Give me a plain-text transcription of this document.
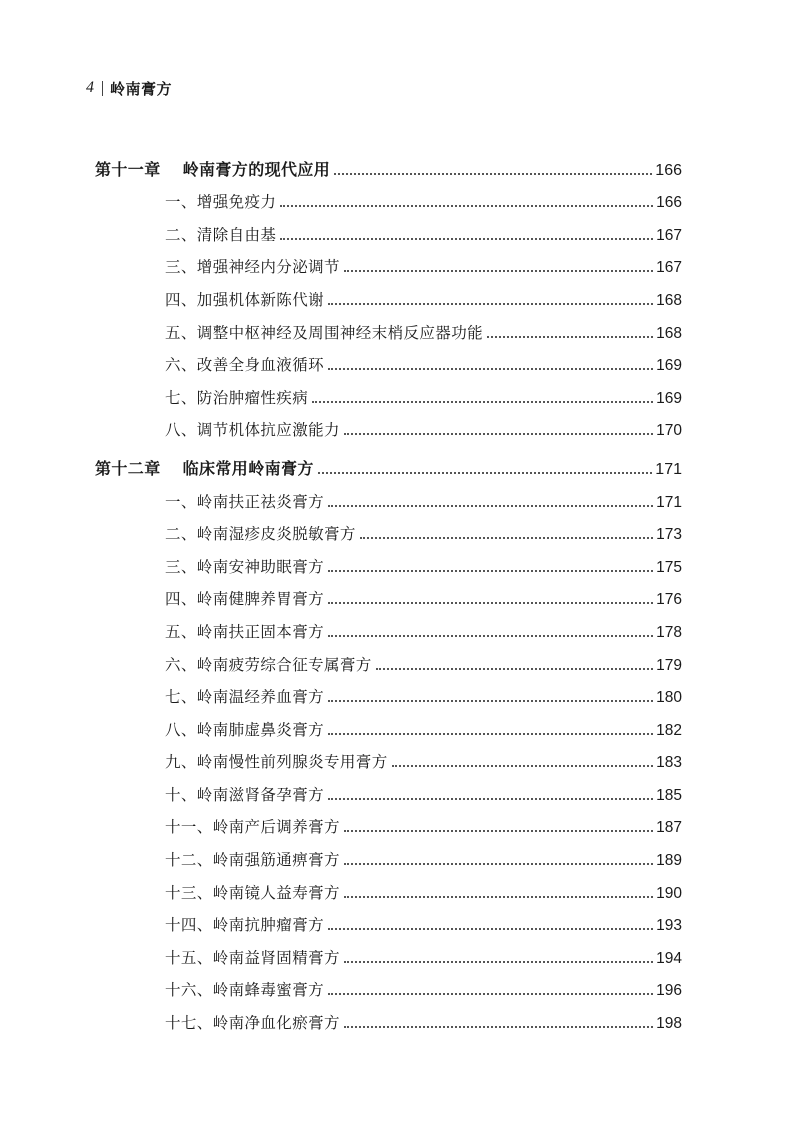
4 岭南膏方
第十一章 岭南膏方的现代应用	166
一、增强免疫力	166
二、清除自由基	167
三、增强神经内分泌调节	167
四、加强机体新陈代谢	168
五、调整中枢神经及周围神经末梢反应器功能	168
六、改善全身血液循环	169
七、防治肿瘤性疾病	169
八、调节机体抗应激能力	170
第十二章 临床常用岭南膏方	171
一、岭南扶正祛炎膏方	171
二、岭南湿疹皮炎脱敏膏方	173
三、岭南安神助眠膏方	175
四、岭南健脾养胃膏方	176
五、岭南扶正固本膏方	178
六、岭南疲劳综合征专属膏方	179
七、岭南温经养血膏方	180
八、岭南肺虚鼻炎膏方	182
九、岭南慢性前列腺炎专用膏方	183
十、岭南滋肾备孕膏方	185
十一、岭南产后调养膏方	187
十二、岭南强筋通痹膏方	189
十三、岭南镜人益寿膏方	190
十四、岭南抗肿瘤膏方	193
十五、岭南益肾固精膏方	194
十六、岭南蜂毒蜜膏方	196
十七、岭南净血化瘀膏方	198
